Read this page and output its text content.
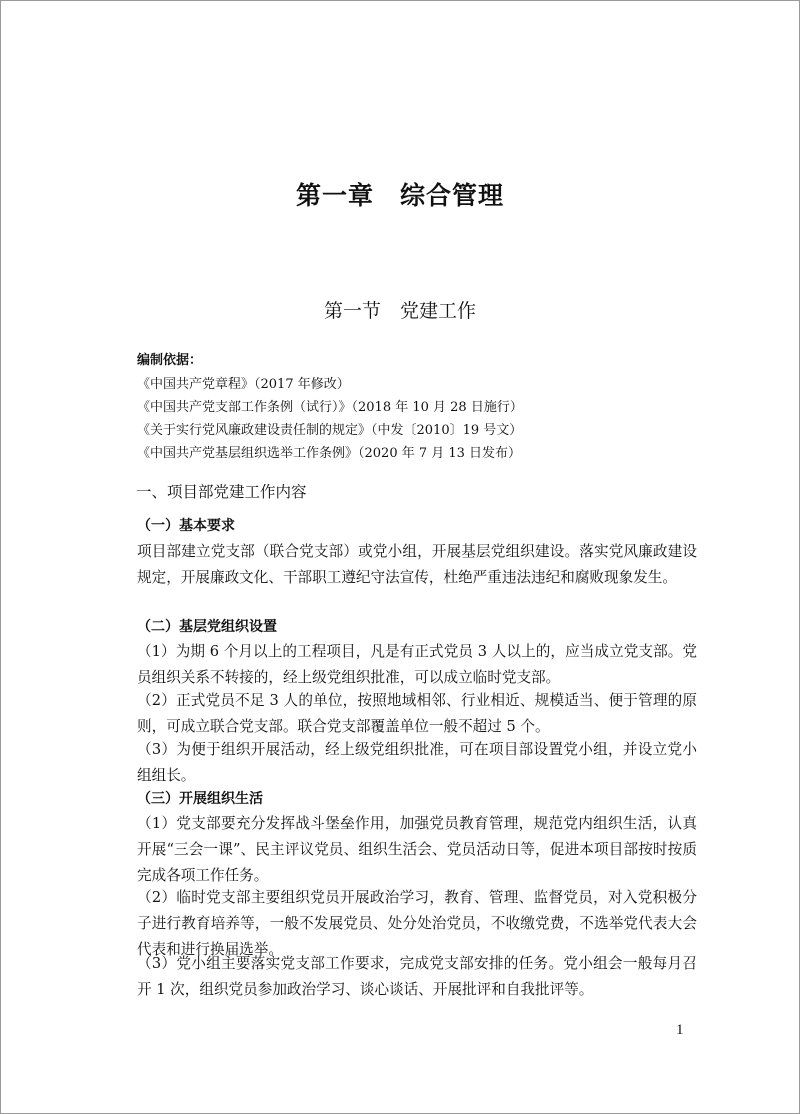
第一章　综合管理
第一节　党建工作
编制依据：
《中国共产党章程》（2017 年修改）
《中国共产党支部工作条例（试行）》（2018 年 10 月 28 日施行）
《关于实行党风廉政建设责任制的规定》（中发〔2010〕19 号文）
《中国共产党基层组织选举工作条例》（2020 年 7 月 13 日发布）
一、项目部党建工作内容
（一）基本要求
项目部建立党支部（联合党支部）或党小组，开展基层党组织建设。落实党风廉政建设规定，开展廉政文化、干部职工遵纪守法宣传，杜绝严重违法违纪和腐败现象发生。
（二）基层党组织设置
（1）为期 6 个月以上的工程项目，凡是有正式党员 3 人以上的，应当成立党支部。党员组织关系不转接的，经上级党组织批准，可以成立临时党支部。
（2）正式党员不足 3 人的单位，按照地域相邻、行业相近、规模适当、便于管理的原则，可成立联合党支部。联合党支部覆盖单位一般不超过 5 个。
（3）为便于组织开展活动，经上级党组织批准，可在项目部设置党小组，并设立党小组组长。
（三）开展组织生活
（1）党支部要充分发挥战斗堡垒作用，加强党员教育管理，规范党内组织生活，认真开展“三会一课”、民主评议党员、组织生活会、党员活动日等，促进本项目部按时按质完成各项工作任务。
（2）临时党支部主要组织党员开展政治学习，教育、管理、监督党员，对入党积极分子进行教育培养等，一般不发展党员、处分处治党员，不收缴党费，不选举党代表大会代表和进行换届选举。
（3）党小组主要落实党支部工作要求，完成党支部安排的任务。党小组会一般每月召开 1 次，组织党员参加政治学习、谈心谈话、开展批评和自我批评等。
1
